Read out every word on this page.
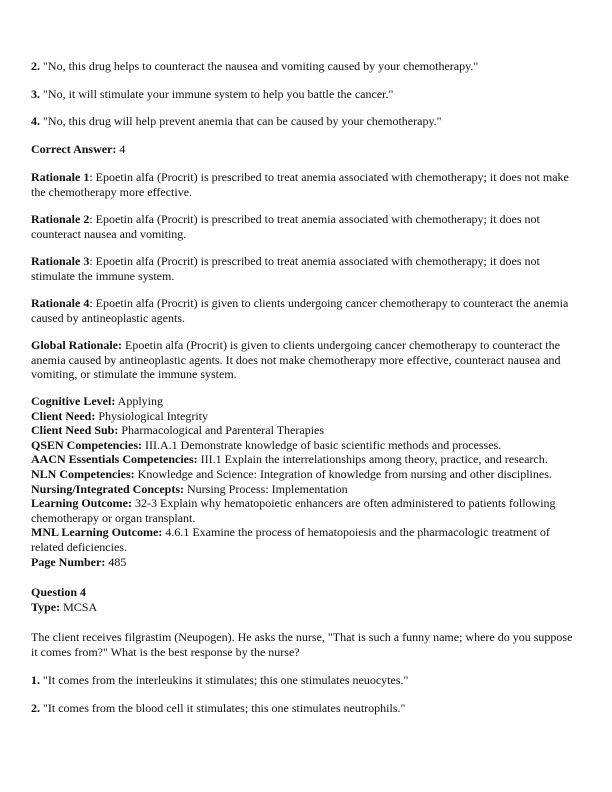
2. "No, this drug helps to counteract the nausea and vomiting caused by your chemotherapy."
3. "No, it will stimulate your immune system to help you battle the cancer."
4. "No, this drug will help prevent anemia that can be caused by your chemotherapy."
Correct Answer: 4
Rationale 1: Epoetin alfa (Procrit) is prescribed to treat anemia associated with chemotherapy; it does not make the chemotherapy more effective.
Rationale 2: Epoetin alfa (Procrit) is prescribed to treat anemia associated with chemotherapy; it does not counteract nausea and vomiting.
Rationale 3: Epoetin alfa (Procrit) is prescribed to treat anemia associated with chemotherapy; it does not stimulate the immune system.
Rationale 4: Epoetin alfa (Procrit) is given to clients undergoing cancer chemotherapy to counteract the anemia caused by antineoplastic agents.
Global Rationale: Epoetin alfa (Procrit) is given to clients undergoing cancer chemotherapy to counteract the anemia caused by antineoplastic agents. It does not make chemotherapy more effective, counteract nausea and vomiting, or stimulate the immune system.
Cognitive Level: Applying
Client Need: Physiological Integrity
Client Need Sub: Pharmacological and Parenteral Therapies
QSEN Competencies: III.A.1 Demonstrate knowledge of basic scientific methods and processes.
AACN Essentials Competencies: III.1 Explain the interrelationships among theory, practice, and research.
NLN Competencies: Knowledge and Science: Integration of knowledge from nursing and other disciplines.
Nursing/Integrated Concepts: Nursing Process: Implementation
Learning Outcome: 32-3 Explain why hematopoietic enhancers are often administered to patients following chemotherapy or organ transplant.
MNL Learning Outcome: 4.6.1 Examine the process of hematopoiesis and the pharmacologic treatment of related deficiencies.
Page Number: 485
Question 4
Type: MCSA
The client receives filgrastim (Neupogen). He asks the nurse, "That is such a funny name; where do you suppose it comes from?" What is the best response by the nurse?
1. "It comes from the interleukins it stimulates; this one stimulates neuocytes."
2. "It comes from the blood cell it stimulates; this one stimulates neutrophils."
